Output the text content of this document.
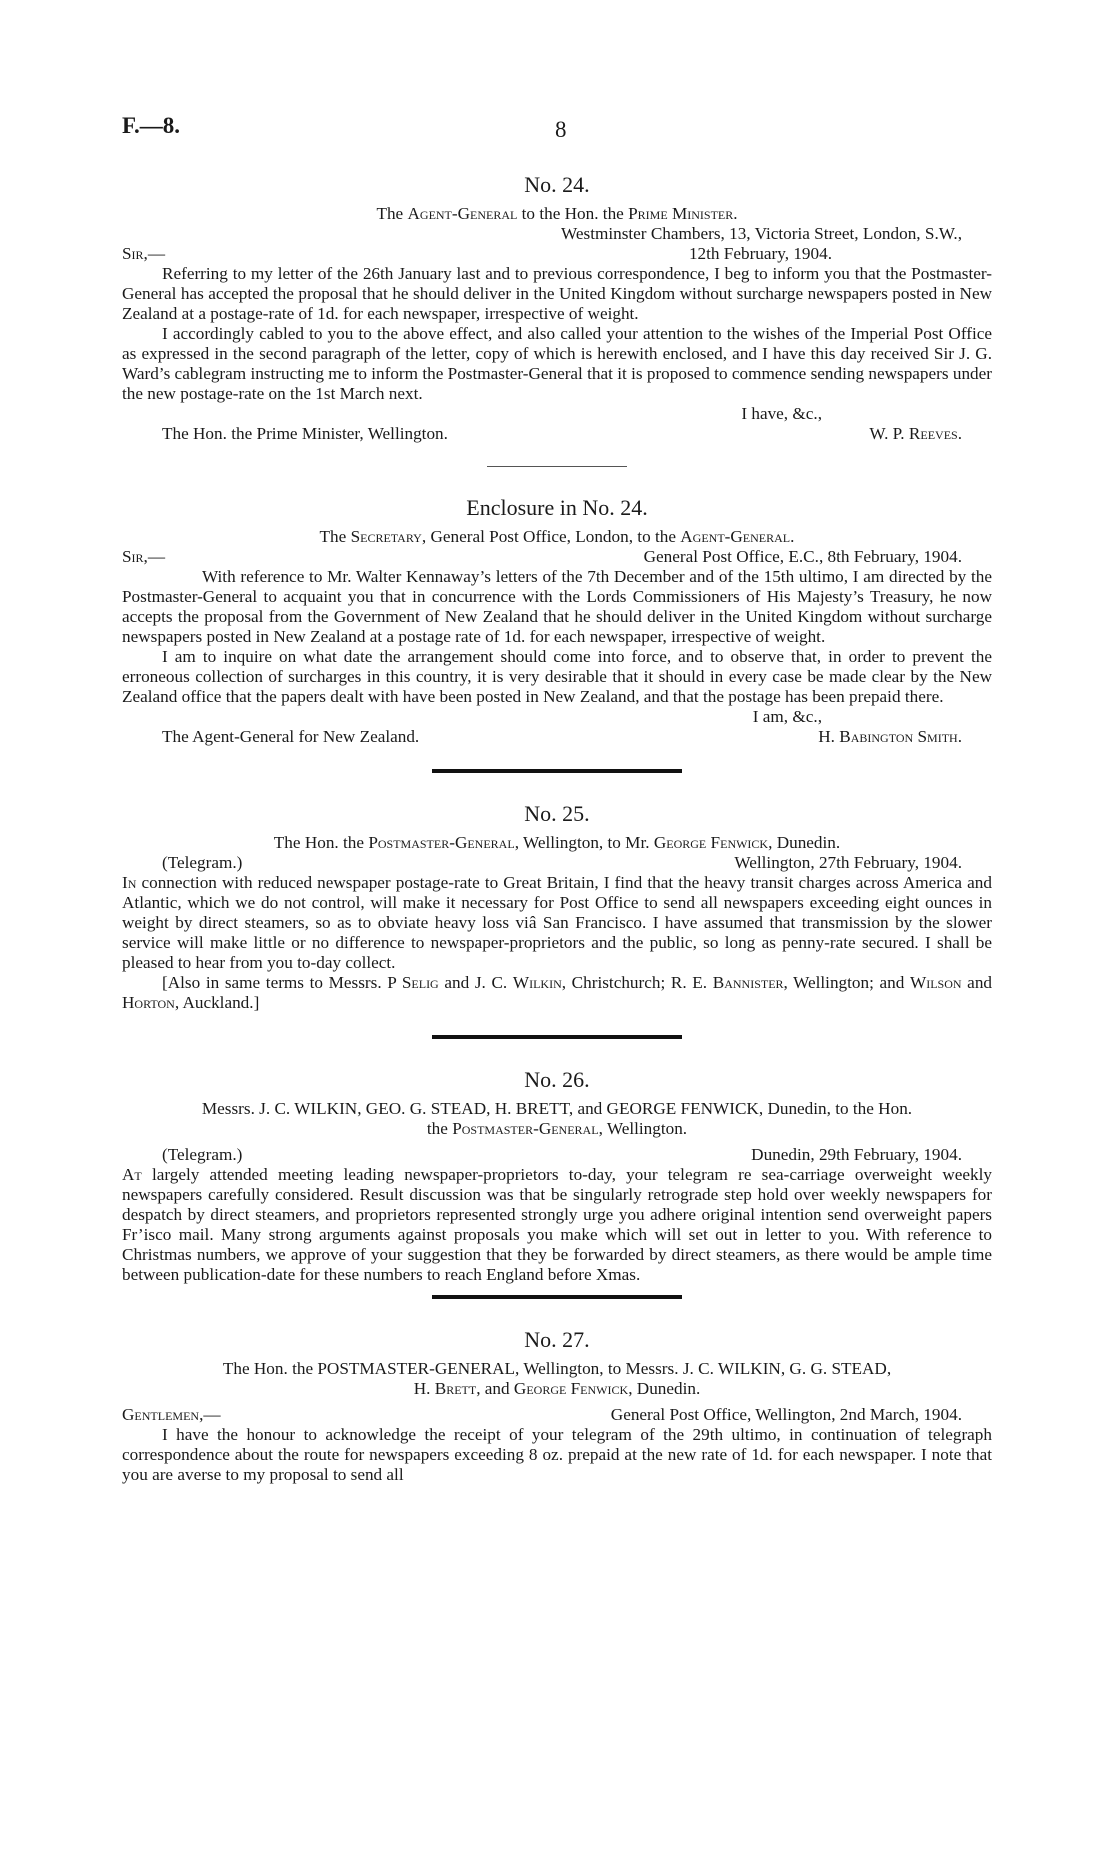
F.—8.	8
No. 24.

The Agent-General to the Hon. the Prime Minister.

Westminster Chambers, 13, Victoria Street, London, S.W.,

Sir,—	12th February, 1904.

Referring to my letter of the 26th January last and to previous correspondence, I beg to inform you that the Postmaster-General has accepted the proposal that he should deliver in the United Kingdom without surcharge newspapers posted in New Zealand at a postage-rate of 1d. for each newspaper, irrespective of weight.

I accordingly cabled to you to the above effect, and also called your attention to the wishes of the Imperial Post Office as expressed in the second paragraph of the letter, copy of which is herewith enclosed, and I have this day received Sir J. G. Ward’s cablegram instructing me to inform the Postmaster-General that it is proposed to commence sending newspapers under the new postage-rate on the 1st March next.

I have, &c.,

The Hon. the Prime Minister, Wellington.	W. P. Reeves.
Enclosure in No. 24.

The Secretary, General Post Office, London, to the Agent-General.

Sir,—	General Post Office, E.C., 8th February, 1904.

With reference to Mr. Walter Kennaway’s letters of the 7th December and of the 15th ultimo, I am directed by the Postmaster-General to acquaint you that in concurrence with the Lords Commissioners of His Majesty’s Treasury, he now accepts the proposal from the Government of New Zealand that he should deliver in the United Kingdom without surcharge newspapers posted in New Zealand at a postage rate of 1d. for each newspaper, irrespective of weight.

I am to inquire on what date the arrangement should come into force, and to observe that, in order to prevent the erroneous collection of surcharges in this country, it is very desirable that it should in every case be made clear by the New Zealand office that the papers dealt with have been posted in New Zealand, and that the postage has been prepaid there.

I am, &c.,

The Agent-General for New Zealand.	H. Babington Smith.
No. 25.

The Hon. the Postmaster-General, Wellington, to Mr. George Fenwick, Dunedin.

(Telegram.)	Wellington, 27th February, 1904.

In connection with reduced newspaper postage-rate to Great Britain, I find that the heavy transit charges across America and Atlantic, which we do not control, will make it necessary for Post Office to send all newspapers exceeding eight ounces in weight by direct steamers, so as to obviate heavy loss viâ San Francisco. I have assumed that transmission by the slower service will make little or no difference to newspaper-proprietors and the public, so long as penny-rate secured. I shall be pleased to hear from you to-day collect.

[Also in same terms to Messrs. P Selig and J. C. Wilkin, Christchurch; R. E. Bannister, Wellington; and Wilson and Horton, Auckland.]

No. 26.

Messrs. J. C. WILKIN, GEO. G. STEAD, H. BRETT, and GEORGE FENWICK, Dunedin, to the Hon.

the Postmaster-General, Wellington.

(Telegram.)	Dunedin, 29th February, 1904.

At largely attended meeting leading newspaper-proprietors to-day, your telegram re sea-carriage overweight weekly newspapers carefully considered. Result discussion was that be singularly retrograde step hold over weekly newspapers for despatch by direct steamers, and proprietors represented strongly urge you adhere original intention send overweight papers Fr’isco mail. Many strong arguments against proposals you make which will set out in letter to you. With reference to Christmas numbers, we approve of your suggestion that they be forwarded by direct steamers, as there would be ample time between publication-date for these numbers to reach England before Xmas.

No. 27.

The Hon. the POSTMASTER-GENERAL, Wellington, to Messrs. J. C. WILKIN, G. G. STEAD,

H. Brett, and George Fenwick, Dunedin.

Gentlemen,—	General Post Office, Wellington, 2nd March, 1904.

I have the honour to acknowledge the receipt of your telegram of the 29th ultimo, in continuation of telegraph correspondence about the route for newspapers exceeding 8 oz. prepaid at the new rate of 1d. for each newspaper. I note that you are averse to my proposal to send all
